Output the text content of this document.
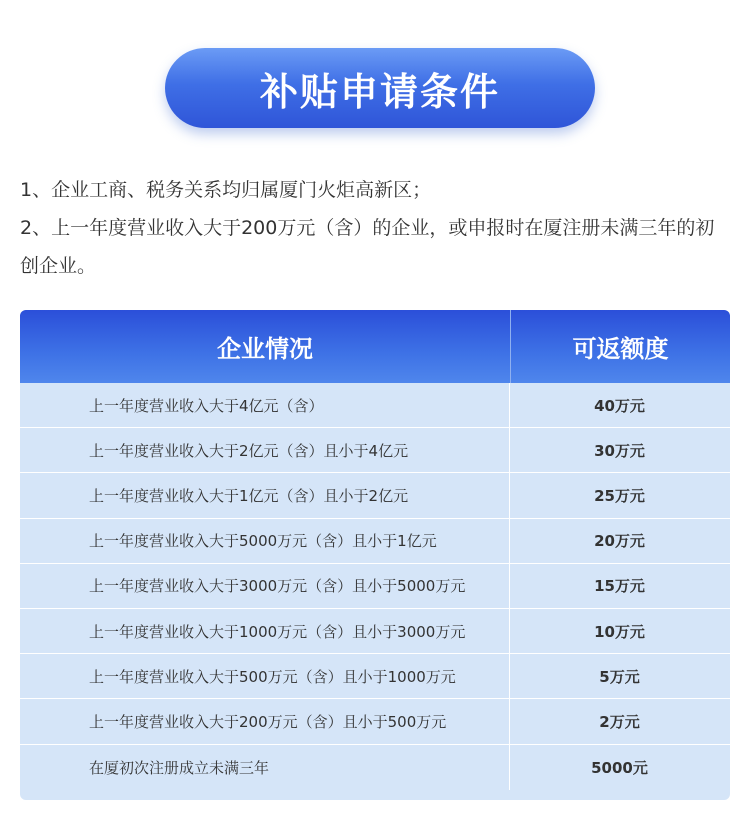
补贴申请条件
1、企业工商、税务关系均归属厦门火炬高新区；
2、上一年度营业收入大于200万元（含）的企业，或申报时在厦注册未满三年的初创企业。
企业情况	可返额度
上一年度营业收入大于4亿元（含）	40万元
上一年度营业收入大于2亿元（含）且小于4亿元	30万元
上一年度营业收入大于1亿元（含）且小于2亿元	25万元
上一年度营业收入大于5000万元（含）且小于1亿元	20万元
上一年度营业收入大于3000万元（含）且小于5000万元	15万元
上一年度营业收入大于1000万元（含）且小于3000万元	10万元
上一年度营业收入大于500万元（含）且小于1000万元	5万元
上一年度营业收入大于200万元（含）且小于500万元	2万元
在厦初次注册成立未满三年	5000元
